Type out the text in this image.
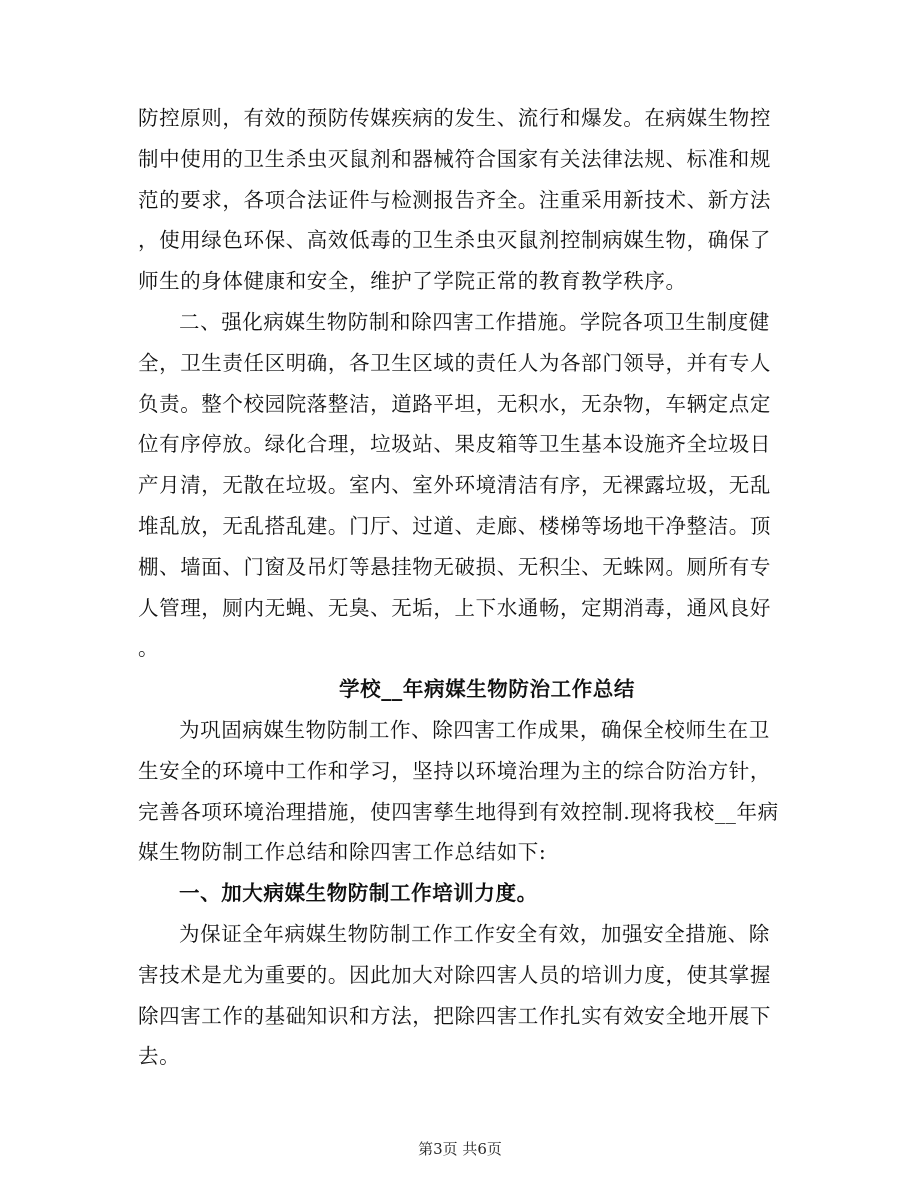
防控原则，有效的预防传媒疾病的发生、流行和爆发。在病媒生物控
制中使用的卫生杀虫灭鼠剂和器械符合国家有关法律法规、标准和规
范的要求，各项合法证件与检测报告齐全。注重采用新技术、新方法
，使用绿色环保、高效低毒的卫生杀虫灭鼠剂控制病媒生物，确保了
师生的身体健康和安全，维护了学院正常的教育教学秩序。
二、强化病媒生物防制和除四害工作措施。学院各项卫生制度健
全，卫生责任区明确，各卫生区域的责任人为各部门领导，并有专人
负责。整个校园院落整洁，道路平坦，无积水，无杂物，车辆定点定
位有序停放。绿化合理，垃圾站、果皮箱等卫生基本设施齐全垃圾日
产月清，无散在垃圾。室内、室外环境清洁有序，无裸露垃圾，无乱
堆乱放，无乱搭乱建。门厅、过道、走廊、楼梯等场地干净整洁。顶
棚、墙面、门窗及吊灯等悬挂物无破损、无积尘、无蛛网。厕所有专
人管理，厕内无蝇、无臭、无垢，上下水通畅，定期消毒，通风良好
。
学校__年病媒生物防治工作总结
为巩固病媒生物防制工作、除四害工作成果，确保全校师生在卫
生安全的环境中工作和学习，坚持以环境治理为主的综合防治方针，
完善各项环境治理措施，使四害孳生地得到有效控制.现将我校__年病
媒生物防制工作总结和除四害工作总结如下:
一、加大病媒生物防制工作培训力度。
为保证全年病媒生物防制工作工作安全有效，加强安全措施、除
害技术是尤为重要的。因此加大对除四害人员的培训力度，使其掌握
除四害工作的基础知识和方法，把除四害工作扎实有效安全地开展下
去。
第3页 共6页
